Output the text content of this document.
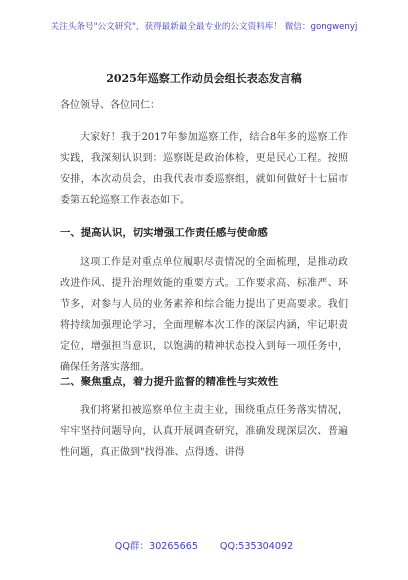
关注头条号"公文研究"，获得最新最全最专业的公文资料库！ 微信：gongwenyj
2025年巡察工作动员会组长表态发言稿
各位领导、各位同仁：

大家好！我于2017年参加巡察工作，结合8年多的巡察工作实践，我深刻认识到：巡察既是政治体检，更是民心工程。按照安排，本次动员会，由我代表市委巡察组，就如何做好十七届市委第五轮巡察工作表态如下。

一、提高认识，切实增强工作责任感与使命感

这项工作是对重点单位履职尽责情况的全面梳理，是推动政改进作风、提升治理效能的重要方式。工作要求高、标准严、环节多，对参与人员的业务素养和综合能力提出了更高要求。我们将持续加强理论学习，全面理解本次工作的深层内涵，牢记职责定位，增强担当意识，以饱满的精神状态投入到每一项任务中，确保任务落实落细。

二、聚焦重点，着力提升监督的精准性与实效性

我们将紧扣被巡察单位主责主业，围绕重点任务落实情况，牢牢坚持问题导向，认真开展调查研究，准确发现深层次、普遍性问题，真正做到"找得准、点得透、讲得

QQ群：30265665 QQ:535304092
